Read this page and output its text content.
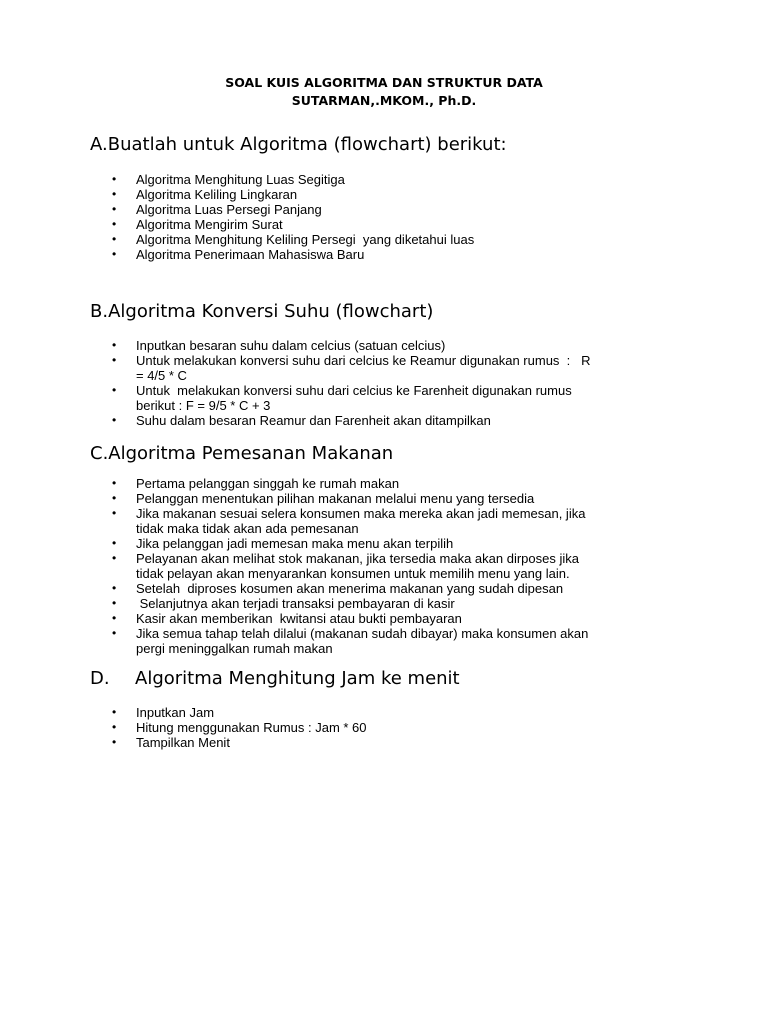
SOAL KUIS ALGORITMA DAN STRUKTUR DATA
SUTARMAN,.MKOM., Ph.D.
A.Buatlah untuk Algoritma (flowchart) berikut:
• Algoritma Menghitung Luas Segitiga
• Algoritma Keliling Lingkaran
• Algoritma Luas Persegi Panjang
• Algoritma Mengirim Surat
• Algoritma Menghitung Keliling Persegi  yang diketahui luas
• Algoritma Penerimaan Mahasiswa Baru
B.Algoritma Konversi Suhu (flowchart)
• Inputkan besaran suhu dalam celcius (satuan celcius)
• Untuk melakukan konversi suhu dari celcius ke Reamur digunakan rumus  :   R
= 4/5 * C
• Untuk  melakukan konversi suhu dari celcius ke Farenheit digunakan rumus
berikut : F = 9/5 * C + 3
• Suhu dalam besaran Reamur dan Farenheit akan ditampilkan
C.Algoritma Pemesanan Makanan
• Pertama pelanggan singgah ke rumah makan
• Pelanggan menentukan pilihan makanan melalui menu yang tersedia
• Jika makanan sesuai selera konsumen maka mereka akan jadi memesan, jika
tidak maka tidak akan ada pemesanan
• Jika pelanggan jadi memesan maka menu akan terpilih
• Pelayanan akan melihat stok makanan, jika tersedia maka akan dirposes jika
tidak pelayan akan menyarankan konsumen untuk memilih menu yang lain.
• Setelah  diproses kosumen akan menerima makanan yang sudah dipesan
• Selanjutnya akan terjadi transaksi pembayaran di kasir
• Kasir akan memberikan  kwitansi atau bukti pembayaran
• Jika semua tahap telah dilalui (makanan sudah dibayar) maka konsumen akan
pergi meninggalkan rumah makan
D. Algoritma Menghitung Jam ke menit
• Inputkan Jam
• Hitung menggunakan Rumus : Jam * 60
• Tampilkan Menit
